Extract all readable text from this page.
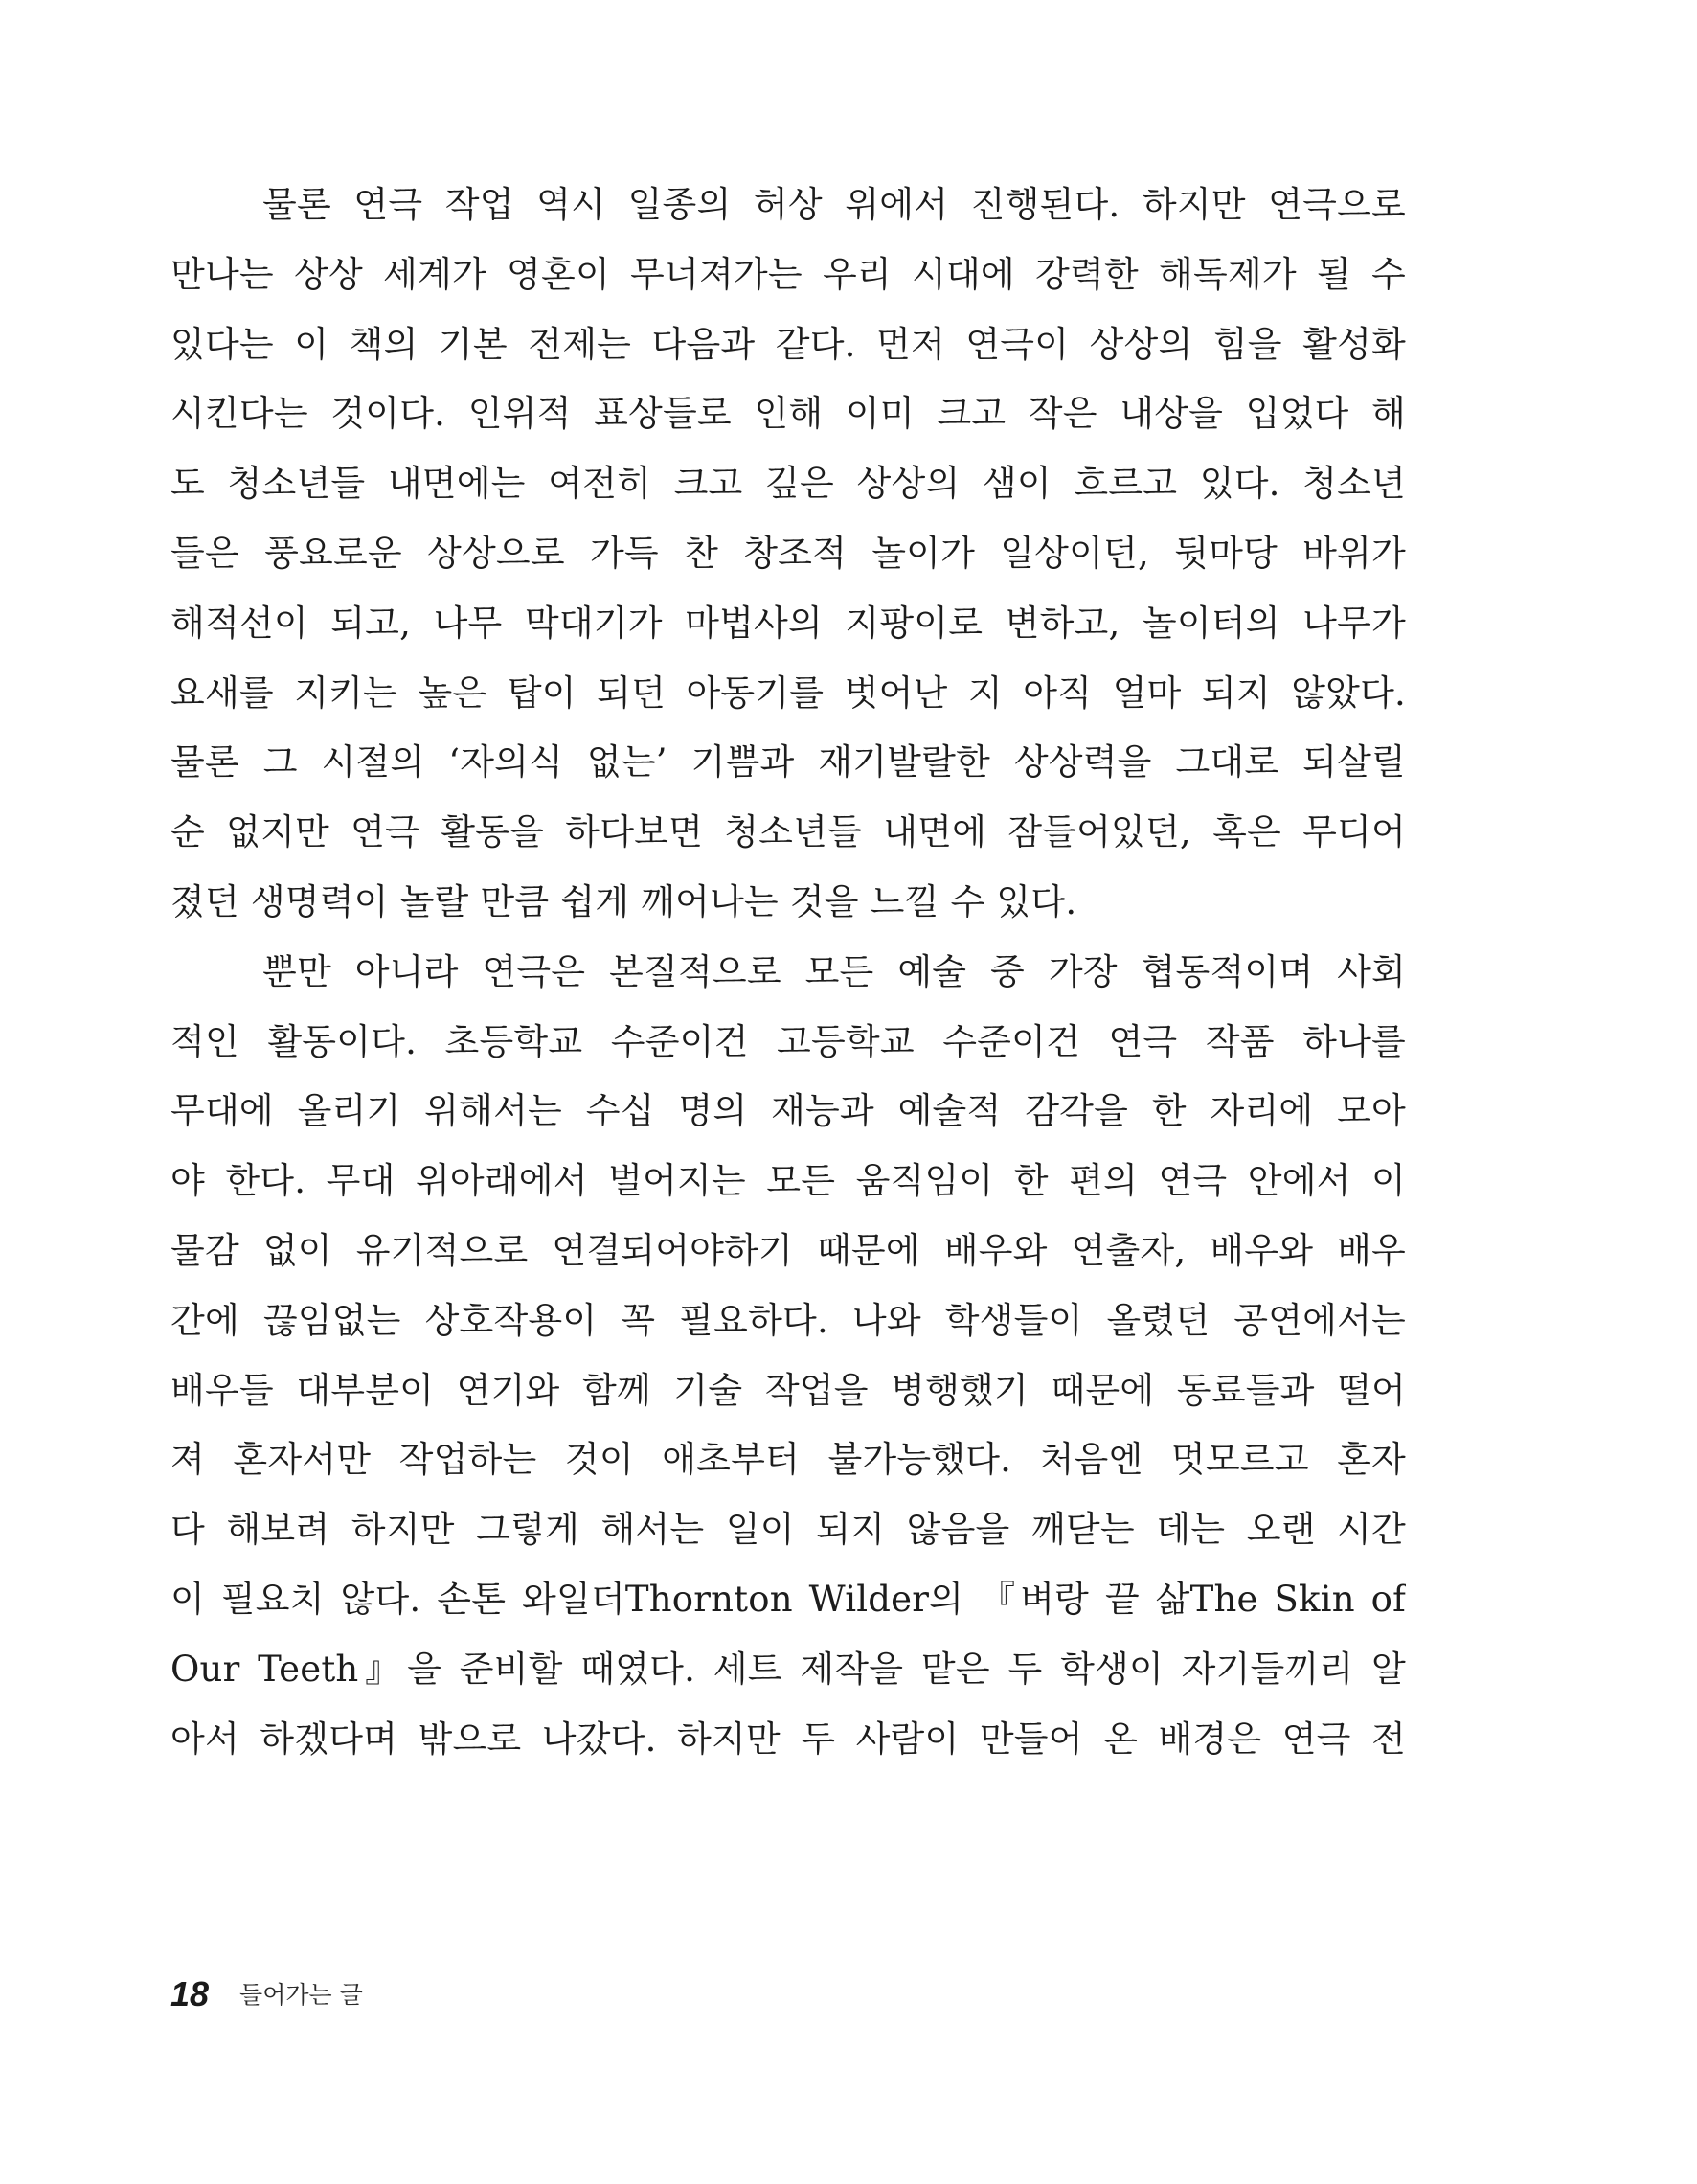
물론 연극 작업 역시 일종의 허상 위에서 진행된다. 하지만 연극으로
만나는 상상 세계가 영혼이 무너져가는 우리 시대에 강력한 해독제가 될 수
있다는 이 책의 기본 전제는 다음과 같다. 먼저 연극이 상상의 힘을 활성화
시킨다는 것이다. 인위적 표상들로 인해 이미 크고 작은 내상을 입었다 해
도 청소년들 내면에는 여전히 크고 깊은 상상의 샘이 흐르고 있다. 청소년
들은 풍요로운 상상으로 가득 찬 창조적 놀이가 일상이던, 뒷마당 바위가
해적선이 되고, 나무 막대기가 마법사의 지팡이로 변하고, 놀이터의 나무가
요새를 지키는 높은 탑이 되던 아동기를 벗어난 지 아직 얼마 되지 않았다.
물론 그 시절의 ‘자의식 없는’ 기쁨과 재기발랄한 상상력을 그대로 되살릴
순 없지만 연극 활동을 하다보면 청소년들 내면에 잠들어있던, 혹은 무디어
졌던 생명력이 놀랄 만큼 쉽게 깨어나는 것을 느낄 수 있다.
뿐만 아니라 연극은 본질적으로 모든 예술 중 가장 협동적이며 사회
적인 활동이다. 초등학교 수준이건 고등학교 수준이건 연극 작품 하나를
무대에 올리기 위해서는 수십 명의 재능과 예술적 감각을 한 자리에 모아
야 한다. 무대 위아래에서 벌어지는 모든 움직임이 한 편의 연극 안에서 이
물감 없이 유기적으로 연결되어야하기 때문에 배우와 연출자, 배우와 배우
간에 끊임없는 상호작용이 꼭 필요하다. 나와 학생들이 올렸던 공연에서는
배우들 대부분이 연기와 함께 기술 작업을 병행했기 때문에 동료들과 떨어
져 혼자서만 작업하는 것이 애초부터 불가능했다. 처음엔 멋모르고 혼자
다 해보려 하지만 그렇게 해서는 일이 되지 않음을 깨닫는 데는 오랜 시간
이 필요치 않다. 손톤 와일더Thornton Wilder의 『벼랑 끝 삶The Skin of
Our Teeth』을 준비할 때였다. 세트 제작을 맡은 두 학생이 자기들끼리 알
아서 하겠다며 밖으로 나갔다. 하지만 두 사람이 만들어 온 배경은 연극 전
18 들어가는 글
